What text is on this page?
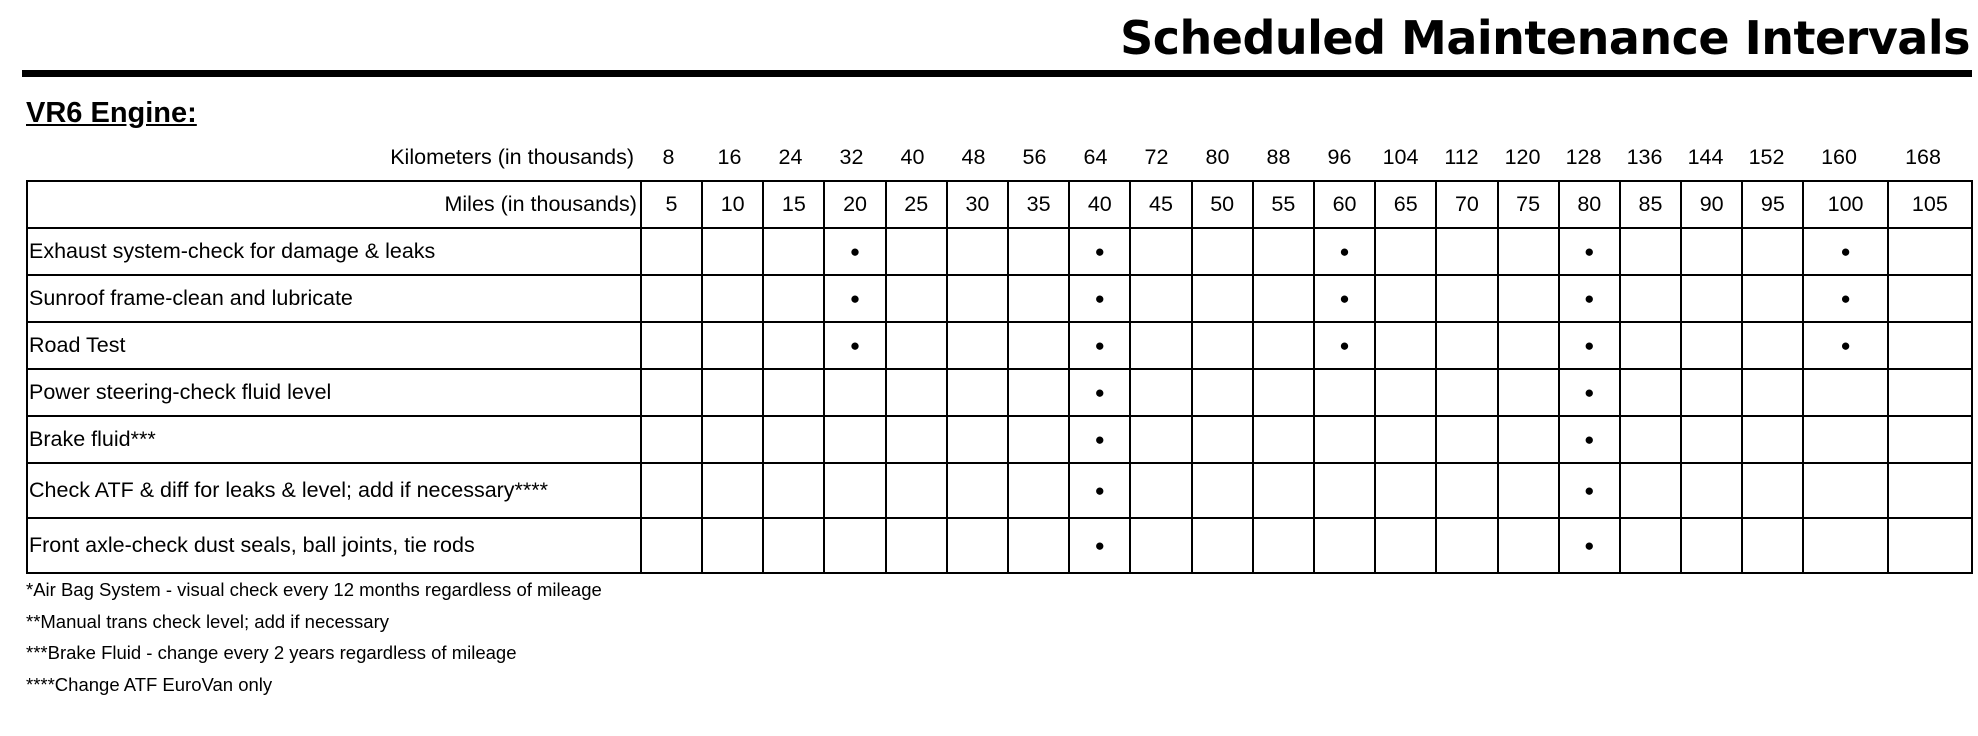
Scheduled Maintenance Intervals
VR6 Engine:
Kilometers (in thousands)	8	16	24	32	40	48	56	64	72	80	88	96	104	112	120	128	136	144	152	160	168
Miles (in thousands)	5	10	15	20	25	30	35	40	45	50	55	60	65	70	75	80	85	90	95	100	105
Exhaust system-check for damage & leaks				●				●				●				●				●	
Sunroof frame-clean and lubricate				●				●				●				●				●	
Road Test				●				●				●				●				●	
Power steering-check fluid level								●								●					
Brake fluid***								●								●					
Check ATF & diff for leaks & level; add if necessary****								●								●					
Front axle-check dust seals, ball joints, tie rods								●								●					

*Air Bag System - visual check every 12 months regardless of mileage

**Manual trans check level; add if necessary

***Brake Fluid - change every 2 years regardless of mileage

****Change ATF EuroVan only
